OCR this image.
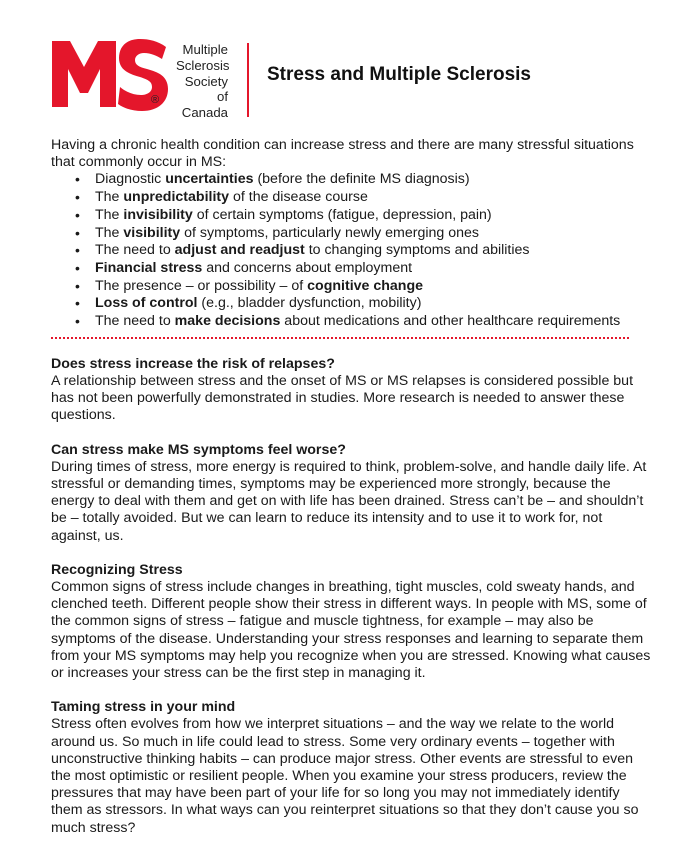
Multiple
Sclerosis
Society of
Canada
®
Stress and Multiple Sclerosis

Having a chronic health condition can increase stress and there are many stressful situations that commonly occur in MS:

• Diagnostic uncertainties (before the definite MS diagnosis)
• The unpredictability of the disease course
• The invisibility of certain symptoms (fatigue, depression, pain)
• The visibility of symptoms, particularly newly emerging ones
• The need to adjust and readjust to changing symptoms and abilities
• Financial stress and concerns about employment
• The presence – or possibility – of cognitive change
• Loss of control (e.g., bladder dysfunction, mobility)
• The need to make decisions about medications and other healthcare requirements
Does stress increase the risk of relapses?

A relationship between stress and the onset of MS or MS relapses is considered possible but has not been powerfully demonstrated in studies. More research is needed to answer these questions.

Can stress make MS symptoms feel worse?

During times of stress, more energy is required to think, problem-solve, and handle daily life. At stressful or demanding times, symptoms may be experienced more strongly, because the energy to deal with them and get on with life has been drained. Stress can’t be – and shouldn’t be – totally avoided. But we can learn to reduce its intensity and to use it to work for, not against, us.

Recognizing Stress

Common signs of stress include changes in breathing, tight muscles, cold sweaty hands, and clenched teeth. Different people show their stress in different ways. In people with MS, some of the common signs of stress – fatigue and muscle tightness, for example – may also be symptoms of the disease. Understanding your stress responses and learning to separate them from your MS symptoms may help you recognize when you are stressed. Knowing what causes or increases your stress can be the first step in managing it.

Taming stress in your mind

Stress often evolves from how we interpret situations – and the way we relate to the world around us. So much in life could lead to stress. Some very ordinary events – together with unconstructive thinking habits – can produce major stress. Other events are stressful to even the most optimistic or resilient people. When you examine your stress producers, review the pressures that may have been part of your life for so long you may not immediately identify them as stressors. In what ways can you reinterpret situations so that they don’t cause you so much stress?
